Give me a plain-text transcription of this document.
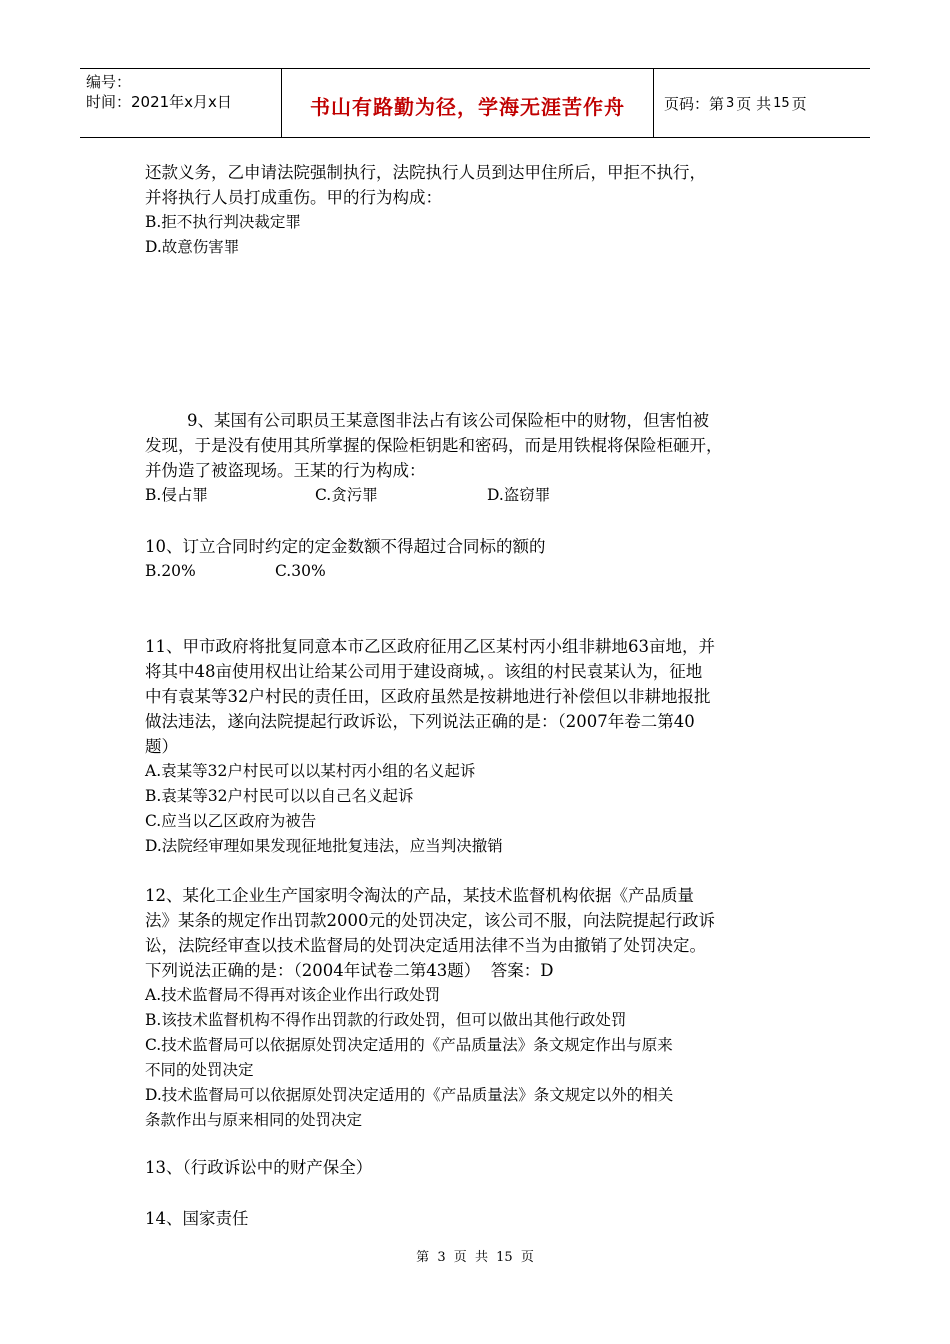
编号：
时间：2021年x月x日	书山有路勤为径，学海无涯苦作舟	页码：第 3 页 共 15 页

还款义务，乙申请法院强制执行，法院执行人员到达甲住所后，甲拒不执行，

并将执行人员打成重伤。甲的行为构成：

B.拒不执行判决裁定罪

D.故意伤害罪

9、某国有公司职员王某意图非法占有该公司保险柜中的财物，但害怕被

发现，于是没有使用其所掌握的保险柜钥匙和密码，而是用铁棍将保险柜砸开，

并伪造了被盗现场。王某的行为构成：

B.侵占罪	C.贪污罪	D.盗窃罪

10、订立合同时约定的定金数额不得超过合同标的额的

B.20%	C.30%

11、甲市政府将批复同意本市乙区政府征用乙区某村丙小组非耕地63亩地，并

将其中48亩使用权出让给某公司用于建设商城，。该组的村民袁某认为，征地

中有袁某等32户村民的责任田，区政府虽然是按耕地进行补偿但以非耕地报批

做法违法，遂向法院提起行政诉讼，下列说法正确的是：（2007年卷二第40

题）

A.袁某等32户村民可以以某村丙小组的名义起诉

B.袁某等32户村民可以以自己名义起诉

C.应当以乙区政府为被告

D.法院经审理如果发现征地批复违法，应当判决撤销

12、某化工企业生产国家明令淘汰的产品，某技术监督机构依据《产品质量

法》某条的规定作出罚款2000元的处罚决定，该公司不服，向法院提起行政诉

讼，法院经审查以技术监督局的处罚决定适用法律不当为由撤销了处罚决定。

下列说法正确的是：（2004年试卷二第43题）  答案：D

A.技术监督局不得再对该企业作出行政处罚

B.该技术监督机构不得作出罚款的行政处罚，但可以做出其他行政处罚

C.技术监督局可以依据原处罚决定适用的《产品质量法》条文规定作出与原来

不同的处罚决定

D.技术监督局可以依据原处罚决定适用的《产品质量法》条文规定以外的相关

条款作出与原来相同的处罚决定

13、（行政诉讼中的财产保全）

14、国家责任

第 3 页  共 15 页
